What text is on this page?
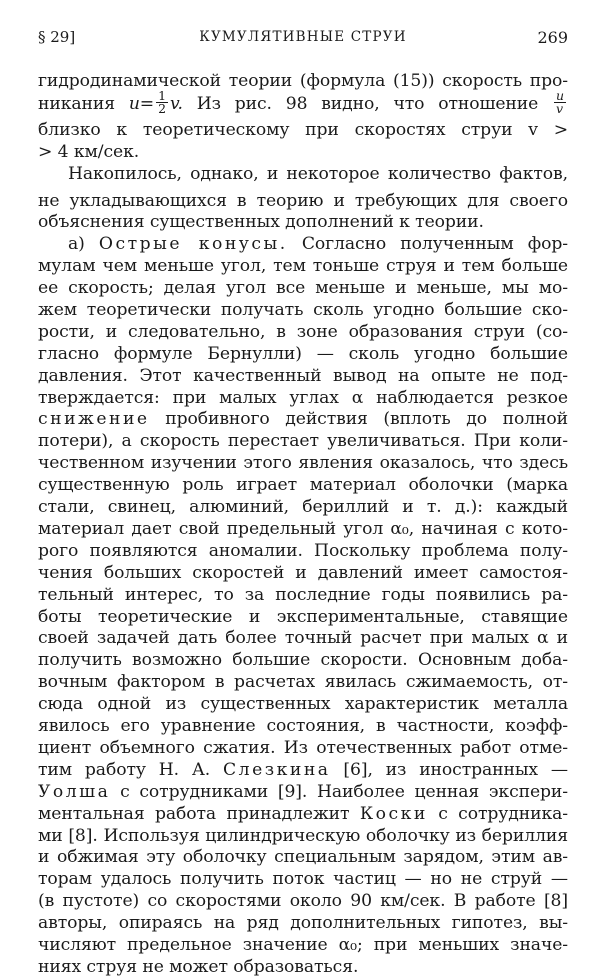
§ 29]	КУМУЛЯТИВНЫЕ СТРУИ	269
гидродинамической теории (формула (15)) скорость про-
никания $u= \frac{1}{2} v$. Из рис. 98 видно, что отношение $\frac{u}{v}$
близко к теоретическому при скоростях струи v >
> 4 км/сек.
Накопилось, однако, и некоторое количество фактов,
не укладывающихся в теорию и требующих для своего
объяснения существенных дополнений к теории.
а) Острые конусы. Согласно полученным фор-
мулам чем меньше угол, тем тоньше струя и тем больше
ее скорость; делая угол все меньше и меньше, мы мо-
жем теоретически получать сколь угодно большие ско-
рости, и следовательно, в зоне образования струи (со-
гласно формуле Бернулли) — сколь угодно большие
давления. Этот качественный вывод на опыте не под-
тверждается: при малых углах α наблюдается резкое
снижение пробивного действия (вплоть до полной
потери), а скорость перестает увеличиваться. При коли-
чественном изучении этого явления оказалось, что здесь
существенную роль играет материал оболочки (марка
стали, свинец, алюминий, бериллий и т. д.): каждый
материал дает свой предельный угол α₀, начиная с кото-
рого появляются аномалии. Поскольку проблема полу-
чения больших скоростей и давлений имеет самостоя-
тельный интерес, то за последние годы появились ра-
боты теоретические и экспериментальные, ставящие
своей задачей дать более точный расчет при малых α и
получить возможно большие скорости. Основным доба-
вочным фактором в расчетах явилась сжимаемость, от-
сюда одной из существенных характеристик металла
явилось его уравнение состояния, в частности, коэфф-
циент объемного сжатия. Из отечественных работ отме-
тим работу Н. А. Слезкина [6], из иностранных —
Уолша с сотрудниками [9]. Наиболее ценная экспери-
ментальная работа принадлежит Коски с сотрудника-
ми [8]. Используя цилиндрическую оболочку из бериллия
и обжимая эту оболочку специальным зарядом, этим ав-
торам удалось получить поток частиц — но не струй —
(в пустоте) со скоростями около 90 км/сек. В работе [8]
авторы, опираясь на ряд дополнительных гипотез, вы-
числяют предельное значение α₀; при меньших значе-
ниях струя не может образоваться.
